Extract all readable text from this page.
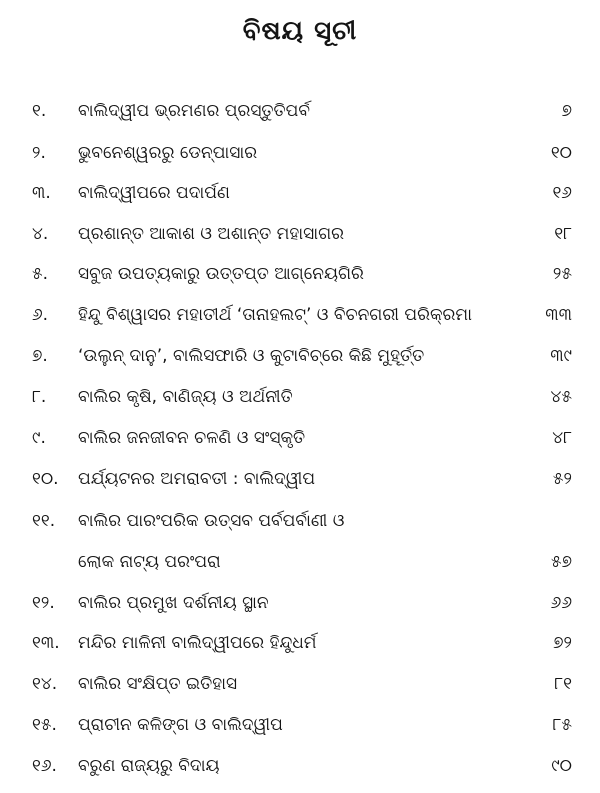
ବିଷୟ ସୂଚୀ
୧.	ବାଲିଦ୍ୱୀପ ଭ୍ରମଣର ପ୍ରସ୍ତୁତିପର୍ବ	୭
୨.	ଭୁବନେଶ୍ୱରରୁ ଡେନ୍‌ପାସାର	୧୦
୩.	ବାଲିଦ୍ୱୀପରେ ପଦାର୍ପଣ	୧୬
୪.	ପ୍ରଶାନ୍ତ ଆକାଶ ଓ ଅଶାନ୍ତ ମହାସାଗର	୧୮
୫.	ସବୁଜ ଉପତ୍ୟକାରୁ ଉତ୍ତପ୍ତ ଆଗ୍ନେୟଗିରି	୨୫
୬.	ହିନ୍ଦୁ ବିଶ୍ୱାସର ମହାତୀର୍ଥ ‘ତାନାହଲଟ୍‌’ ଓ ବିଚନଗରୀ ପରିକ୍ରମା	୩୩
୭.	‘ଉଲୁନ୍ ଦାନୁ’, ବାଲିସଫାରି ଓ କୁଟାବିଚ୍‌ରେ କିଛି ମୁହୂର୍ତ୍ତ	୩୯
୮.	ବାଲିର କୃଷି, ବାଣିଜ୍ୟ ଓ ଅର୍ଥନୀତି	୪୫
୯.	ବାଲିର ଜନଜୀବନ ଚଳଣି ଓ ସଂସ୍କୃତି	୪୮
୧୦.	ପର୍ଯ୍ୟଟନର ଅମରାବତୀ : ବାଲିଦ୍ୱୀପ	୫୨
୧୧.	ବାଲିର ପାରଂପରିକ ଉତ୍ସବ ପର୍ବପର୍ବାଣୀ ଓ
ଲୋକ ନାଟ୍ୟ ପରଂପରା	୫୭
୧୨.	ବାଲିର ପ୍ରମୁଖ ଦର୍ଶନୀୟ ସ୍ଥାନ	୬୬
୧୩.	ମନ୍ଦିର ମାଳିନୀ ବାଲିଦ୍ୱୀପରେ ହିନ୍ଦୁଧର୍ମ	୭୨
୧୪.	ବାଲିର ସଂକ୍ଷିପ୍ତ ଇତିହାସ	୮୧
୧୫.	ପ୍ରାଚୀନ କଳିଙ୍ଗ ଓ ବାଲିଦ୍ୱୀପ	୮୫
୧୬.	ବରୁଣ ରାଜ୍ୟରୁ ବିଦାୟ	୯୦
